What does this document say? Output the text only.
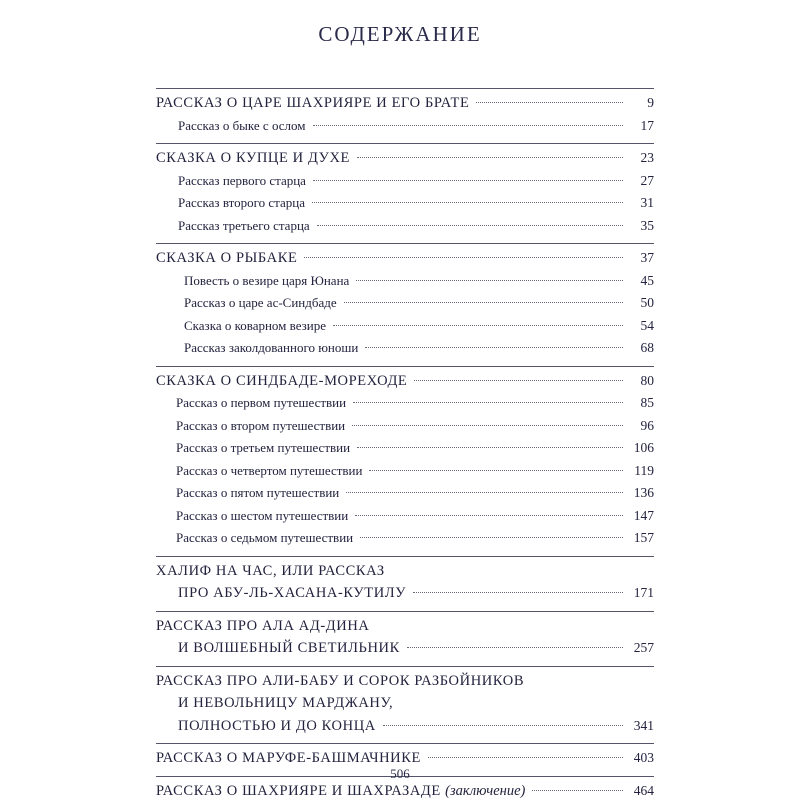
СОДЕРЖАНИЕ
РАССКАЗ О ЦАРЕ ШАХРИЯРЕ И ЕГО БРАТЕ	9
Рассказ о быке с ослом	17
СКАЗКА О КУПЦЕ И ДУХЕ	23
Рассказ первого старца	27
Рассказ второго старца	31
Рассказ третьего старца	35
СКАЗКА О РЫБАКЕ	37
Повесть о везире царя Юнана	45
Рассказ о царе ас-Синдбаде	50
Сказка о коварном везире	54
Рассказ заколдованного юноши	68
СКАЗКА О СИНДБАДЕ-МОРЕХОДЕ	80
Рассказ о первом путешествии	85
Рассказ о втором путешествии	96
Рассказ о третьем путешествии	106
Рассказ о четвертом путешествии	119
Рассказ о пятом путешествии	136
Рассказ о шестом путешествии	147
Рассказ о седьмом путешествии	157
ХАЛИФ НА ЧАС, ИЛИ РАССКАЗ
ПРО АБУ-ЛЬ-ХАСАНА-КУТИЛУ	171
РАССКАЗ ПРО АЛА АД-ДИНА
И ВОЛШЕБНЫЙ СВЕТИЛЬНИК	257
РАССКАЗ ПРО АЛИ-БАБУ И СОРОК РАЗБОЙНИКОВ
И НЕВОЛЬНИЦУ МАРДЖАНУ,
ПОЛНОСТЬЮ И ДО КОНЦА	341
РАССКАЗ О МАРУФЕ-БАШМАЧНИКЕ	403
РАССКАЗ О ШАХРИЯРЕ И ШАХРАЗАДЕ (заключение)	464
506
